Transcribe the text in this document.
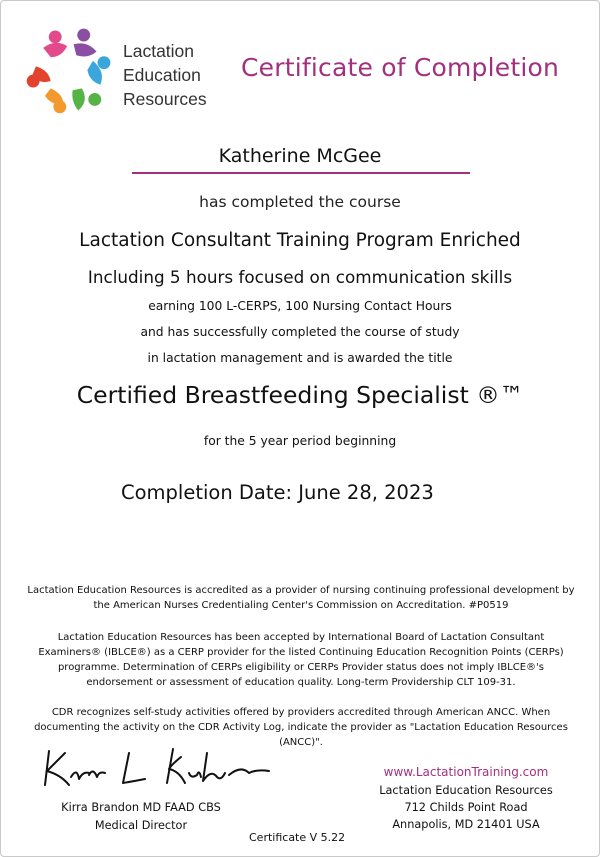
Lactation
Education
Resources
Certificate of Completion
Katherine McGee
has completed the course
Lactation Consultant Training Program Enriched
Including 5 hours focused on communication skills
earning 100 L-CERPS, 100 Nursing Contact Hours
and has successfully completed the course of study
in lactation management and is awarded the title
Certified Breastfeeding Specialist ®™
for the 5 year period beginning
Completion Date: June 28, 2023
Lactation Education Resources is accredited as a provider of nursing continuing professional development by the American Nurses Credentialing Center's Commission on Accreditation. #P0519
Lactation Education Resources has been accepted by International Board of Lactation Consultant Examiners® (IBLCE®) as a CERP provider for the listed Continuing Education Recognition Points (CERPs) programme. Determination of CERPs eligibility or CERPs Provider status does not imply IBLCE®'s endorsement or assessment of education quality. Long-term Providership CLT 109-31.
CDR recognizes self-study activities offered by providers accredited through American ANCC. When documenting the activity on the CDR Activity Log, indicate the provider as "Lactation Education Resources (ANCC)".
Kirra Brandon MD FAAD CBS
Medical Director
www.LactationTraining.com
Lactation Education Resources
712 Childs Point Road
Annapolis, MD 21401 USA
Certificate V 5.22
